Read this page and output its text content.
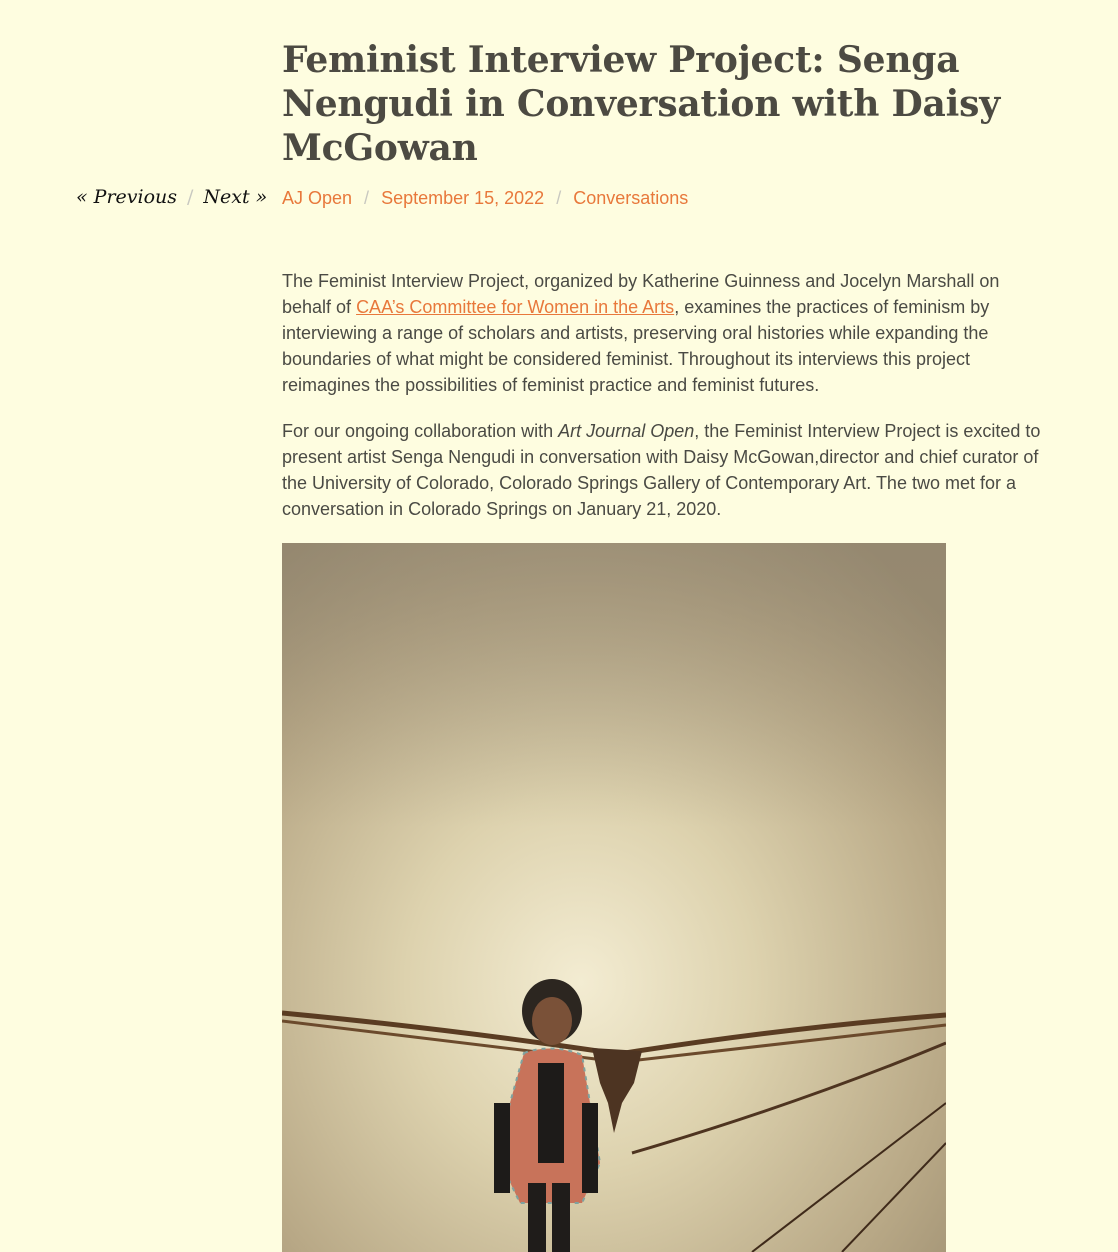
« Previous / Next »
Feminist Interview Project: Senga Nengudi in Conversation with Daisy McGowan
AJ Open / September 15, 2022 / Conversations

The Feminist Interview Project, organized by Katherine Guinness and Jocelyn Marshall on behalf of CAA’s Committee for Women in the Arts, examines the practices of feminism by interviewing a range of scholars and artists, preserving oral histories while expanding the boundaries of what might be considered feminist. Throughout its interviews this project reimagines the possibilities of feminist practice and feminist futures.

For our ongoing collaboration with Art Journal Open, the Feminist Interview Project is excited to present artist Senga Nengudi in conversation with Daisy McGowan,director and chief curator of the University of Colorado, Colorado Springs Gallery of Contemporary Art. The two met for a conversation in Colorado Springs on January 21, 2020.
